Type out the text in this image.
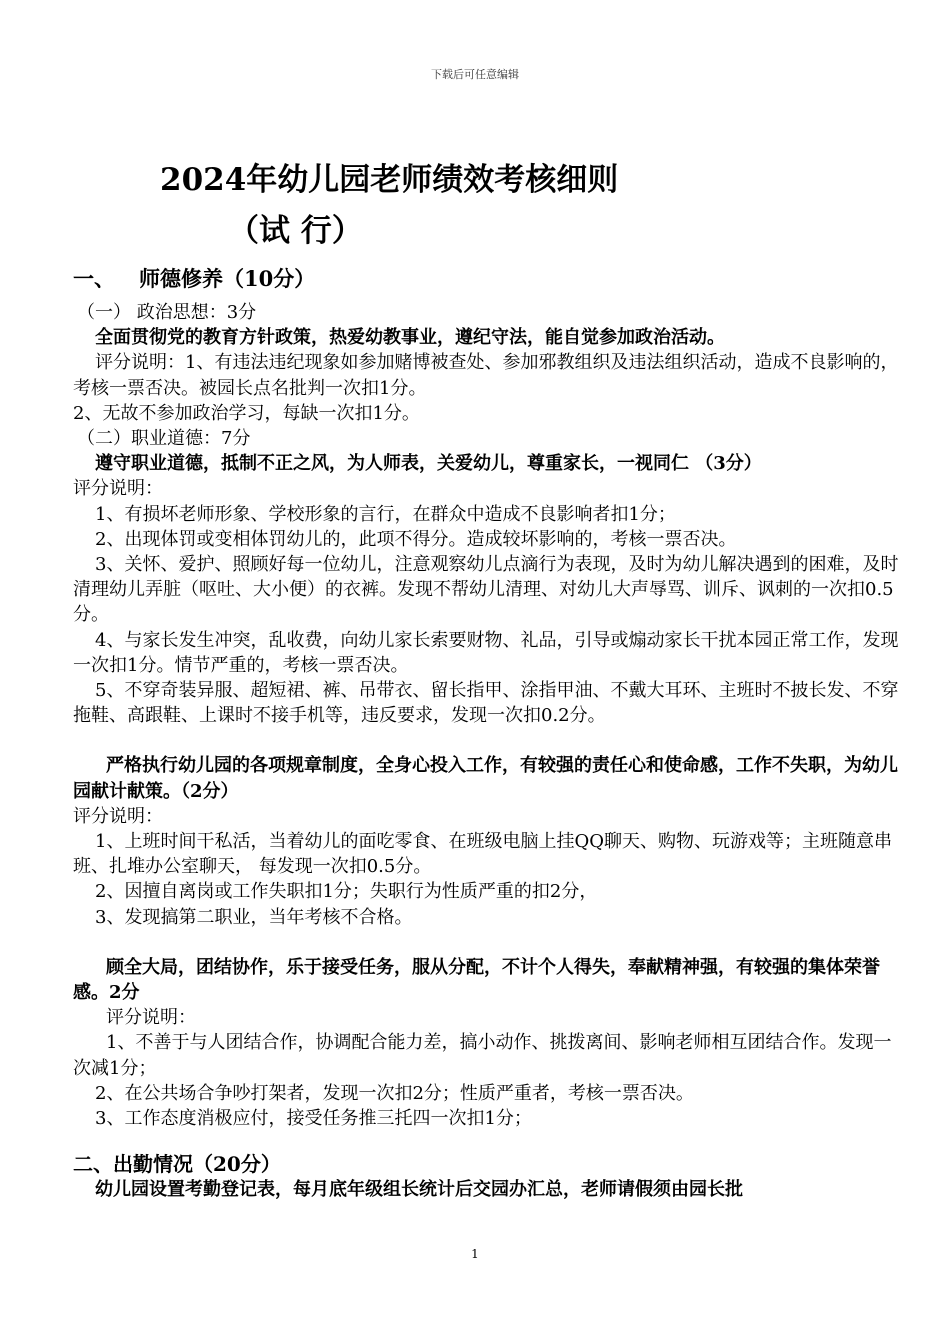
下载后可任意编辑
2024年幼儿园老师绩效考核细则
（试 行）
一、 师德修养（10分）

（一） 政治思想：3分

全面贯彻党的教育方针政策，热爱幼教事业，遵纪守法，能自觉参加政治活动。

评分说明：1、有违法违纪现象如参加赌博被查处、参加邪教组织及违法组织活动，造成不良影响的，考核一票否决。被园长点名批判一次扣1分。

2、无故不参加政治学习，每缺一次扣1分。

（二）职业道德：7分

遵守职业道德，抵制不正之风，为人师表，关爱幼儿，尊重家长，一视同仁 （3分）

评分说明：

1、有损坏老师形象、学校形象的言行，在群众中造成不良影响者扣1分；

2、出现体罚或变相体罚幼儿的，此项不得分。造成较坏影响的，考核一票否决。

3、关怀、爱护、照顾好每一位幼儿，注意观察幼儿点滴行为表现，及时为幼儿解决遇到的困难，及时清理幼儿弄脏（呕吐、大小便）的衣裤。发现不帮幼儿清理、对幼儿大声辱骂、训斥、讽刺的一次扣0.5分。

4、与家长发生冲突，乱收费，向幼儿家长索要财物、礼品，引导或煽动家长干扰本园正常工作，发现一次扣1分。情节严重的，考核一票否决。

5、不穿奇装异服、超短裙、裤、吊带衣、留长指甲、涂指甲油、不戴大耳环、主班时不披长发、不穿拖鞋、高跟鞋、上课时不接手机等，违反要求，发现一次扣0.2分。

严格执行幼儿园的各项规章制度，全身心投入工作，有较强的责任心和使命感，工作不失职，为幼儿园献计献策。（2分）

评分说明：

1、上班时间干私活，当着幼儿的面吃零食、在班级电脑上挂QQ聊天、购物、玩游戏等；主班随意串班、扎堆办公室聊天， 每发现一次扣0.5分。

2、因擅自离岗或工作失职扣1分；失职行为性质严重的扣2分，

3、发现搞第二职业，当年考核不合格。

顾全大局，团结协作，乐于接受任务，服从分配，不计个人得失，奉献精神强，有较强的集体荣誉感。2分

评分说明：

1、不善于与人团结合作，协调配合能力差，搞小动作、挑拨离间、影响老师相互团结合作。发现一次减1分；

2、在公共场合争吵打架者，发现一次扣2分；性质严重者，考核一票否决。

3、工作态度消极应付，接受任务推三托四一次扣1分；

二、出勤情况（20分）

幼儿园设置考勤登记表，每月底年级组长统计后交园办汇总，老师请假须由园长批

1
